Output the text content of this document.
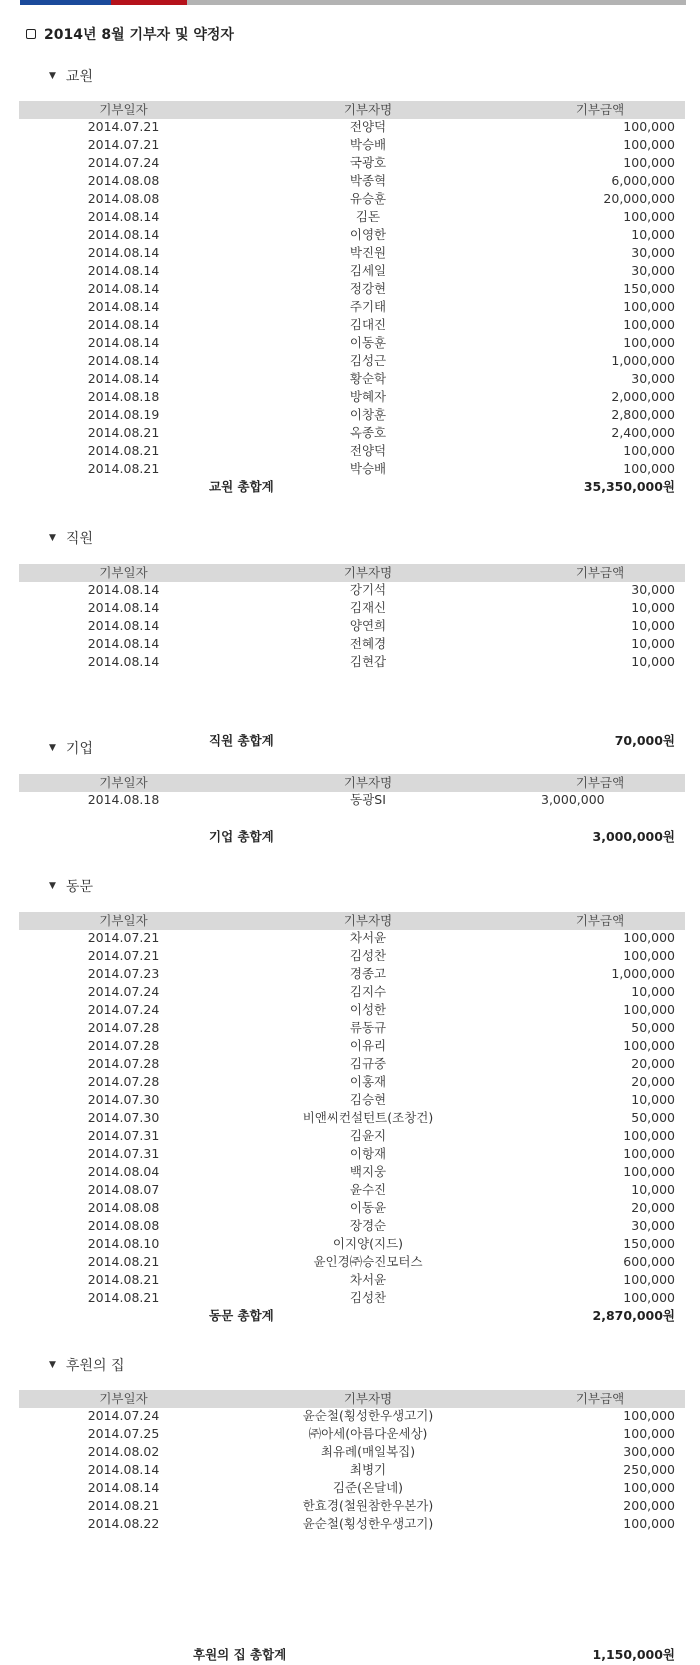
2014년 8월 기부자 및 약정자
▼ 교원
기부일자	기부자명	기부금액
2014.07.21	전양덕	100,000
2014.07.21	박승배	100,000
2014.07.24	국광호	100,000
2014.08.08	박종혁	6,000,000
2014.08.08	유승훈	20,000,000
2014.08.14	김돈	100,000
2014.08.14	이영한	10,000
2014.08.14	박진원	30,000
2014.08.14	김세일	30,000
2014.08.14	정강현	150,000
2014.08.14	주기태	100,000
2014.08.14	김대진	100,000
2014.08.14	이동훈	100,000
2014.08.14	김성근	1,000,000
2014.08.14	황순학	30,000
2014.08.18	방혜자	2,000,000
2014.08.19	이창훈	2,800,000
2014.08.21	옥종호	2,400,000
2014.08.21	전양덕	100,000
2014.08.21	박승배	100,000
교원 총합계	35,350,000원
▼ 직원
기부일자	기부자명	기부금액
2014.08.14	강기석	30,000
2014.08.14	김재신	10,000
2014.08.14	양연희	10,000
2014.08.14	전혜경	10,000
2014.08.14	김현갑	10,000
직원 총합계	70,000원
▼ 기업
기부일자	기부자명	기부금액
2014.08.18	동광SI	3,000,000
기업 총합계	3,000,000원
▼ 동문
기부일자	기부자명	기부금액
2014.07.21	차서윤	100,000
2014.07.21	김성찬	100,000
2014.07.23	경종고	1,000,000
2014.07.24	김지수	10,000
2014.07.24	이성한	100,000
2014.07.28	류동규	50,000
2014.07.28	이유리	100,000
2014.07.28	김규중	20,000
2014.07.28	이홍재	20,000
2014.07.30	김승현	10,000
2014.07.30	비앤씨컨설턴트(조창건)	50,000
2014.07.31	김윤지	100,000
2014.07.31	이항재	100,000
2014.08.04	백지웅	100,000
2014.08.07	윤수진	10,000
2014.08.08	이동윤	20,000
2014.08.08	장경순	30,000
2014.08.10	이지양(지드)	150,000
2014.08.21	윤인경㈜승진모터스	600,000
2014.08.21	차서윤	100,000
2014.08.21	김성찬	100,000
동문 총합계	2,870,000원
▼ 후원의 집
기부일자	기부자명	기부금액
2014.07.24	윤순철(횡성한우생고기)	100,000
2014.07.25	㈜아세(아름다운세상)	100,000
2014.08.02	최유례(매일복집)	300,000
2014.08.14	최병기	250,000
2014.08.14	김준(온달네)	100,000
2014.08.21	한효경(철원참한우본가)	200,000
2014.08.22	윤순철(횡성한우생고기)	100,000
후원의 집 총합계	1,150,000원
